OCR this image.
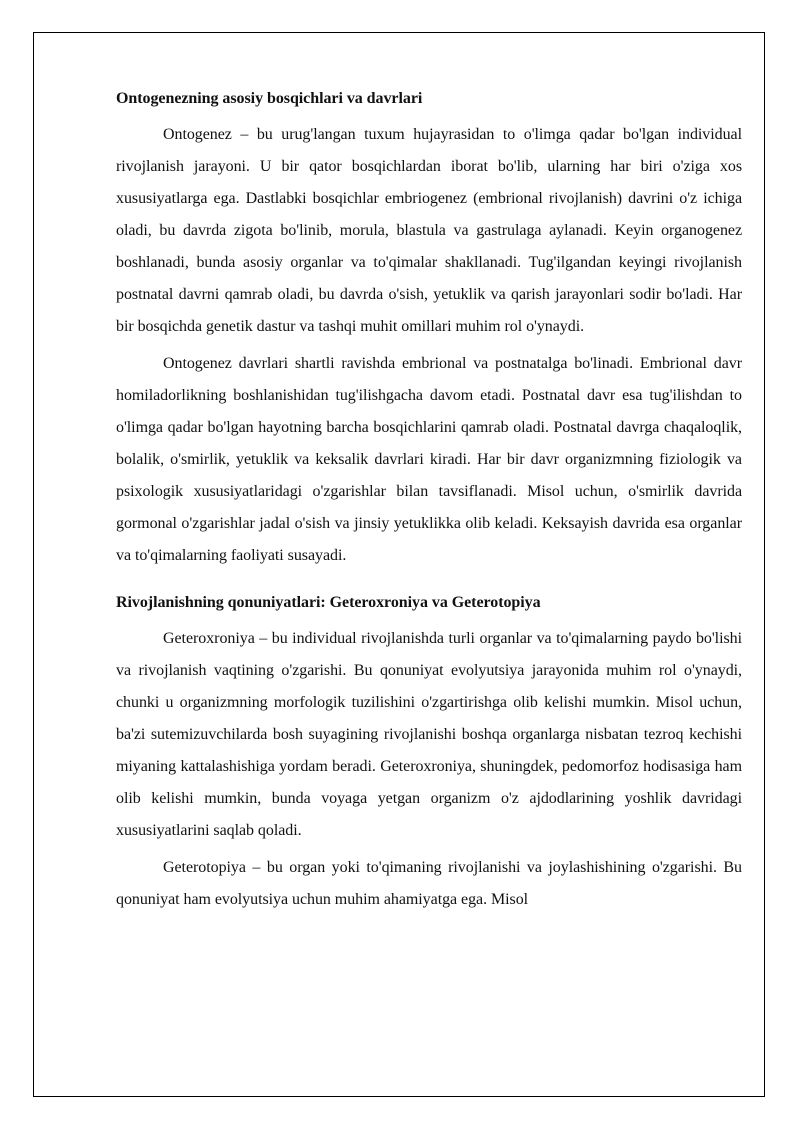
Ontogenezning asosiy bosqichlari va davrlari

Ontogenez – bu urug'langan tuxum hujayrasidan to o'limga qadar bo'lgan individual rivojlanish jarayoni. U bir qator bosqichlardan iborat bo'lib, ularning har biri o'ziga xos xususiyatlarga ega. Dastlabki bosqichlar embriogenez (embrional rivojlanish) davrini o'z ichiga oladi, bu davrda zigota bo'linib, morula, blastula va gastrulaga aylanadi. Keyin organogenez boshlanadi, bunda asosiy organlar va to'qimalar shakllanadi. Tug'ilgandan keyingi rivojlanish postnatal davrni qamrab oladi, bu davrda o'sish, yetuklik va qarish jarayonlari sodir bo'ladi. Har bir bosqichda genetik dastur va tashqi muhit omillari muhim rol o'ynaydi.

Ontogenez davrlari shartli ravishda embrional va postnatalga bo'linadi. Embrional davr homiladorlikning boshlanishidan tug'ilishgacha davom etadi. Postnatal davr esa tug'ilishdan to o'limga qadar bo'lgan hayotning barcha bosqichlarini qamrab oladi. Postnatal davrga chaqaloqlik, bolalik, o'smirlik, yetuklik va keksalik davrlari kiradi. Har bir davr organizmning fiziologik va psixologik xususiyatlaridagi o'zgarishlar bilan tavsiflanadi. Misol uchun, o'smirlik davrida gormonal o'zgarishlar jadal o'sish va jinsiy yetuklikka olib keladi. Keksayish davrida esa organlar va to'qimalarning faoliyati susayadi.

Rivojlanishning qonuniyatlari: Geteroxroniya va Geterotopiya

Geteroxroniya – bu individual rivojlanishda turli organlar va to'qimalarning paydo bo'lishi va rivojlanish vaqtining o'zgarishi. Bu qonuniyat evolyutsiya jarayonida muhim rol o'ynaydi, chunki u organizmning morfologik tuzilishini o'zgartirishga olib kelishi mumkin. Misol uchun, ba'zi sutemizuvchilarda bosh suyagining rivojlanishi boshqa organlarga nisbatan tezroq kechishi miyaning kattalashishiga yordam beradi. Geteroxroniya, shuningdek, pedomorfoz hodisasiga ham olib kelishi mumkin, bunda voyaga yetgan organizm o'z ajdodlarining yoshlik davridagi xususiyatlarini saqlab qoladi.

Geterotopiya – bu organ yoki to'qimaning rivojlanishi va joylashishining o'zgarishi. Bu qonuniyat ham evolyutsiya uchun muhim ahamiyatga ega. Misol
